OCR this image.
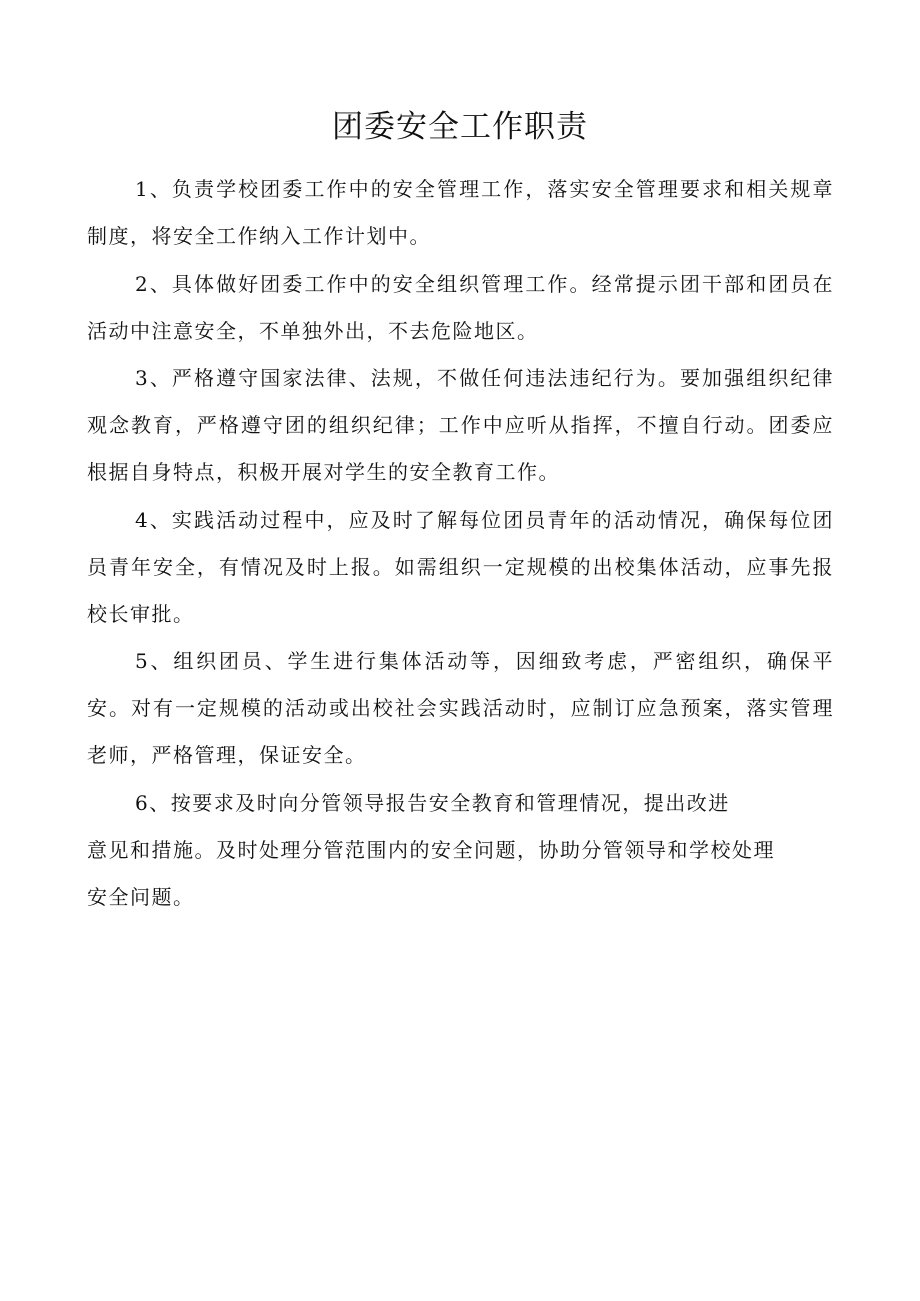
团委安全工作职责

1、负责学校团委工作中的安全管理工作，落实安全管理要求和相关规章制度，将安全工作纳入工作计划中。

2、具体做好团委工作中的安全组织管理工作。经常提示团干部和团员在活动中注意安全，不单独外出，不去危险地区。

3、严格遵守国家法律、法规，不做任何违法违纪行为。要加强组织纪律观念教育，严格遵守团的组织纪律；工作中应听从指挥，不擅自行动。团委应根据自身特点，积极开展对学生的安全教育工作。

4、实践活动过程中，应及时了解每位团员青年的活动情况，确保每位团员青年安全，有情况及时上报。如需组织一定规模的出校集体活动，应事先报校长审批。

5、组织团员、学生进行集体活动等，因细致考虑，严密组织，确保平安。对有一定规模的活动或出校社会实践活动时，应制订应急预案，落实管理老师，严格管理，保证安全。

6、按要求及时向分管领导报告安全教育和管理情况，提出改进
意见和措施。及时处理分管范围内的安全问题，协助分管领导和学校处理
安全问题。
